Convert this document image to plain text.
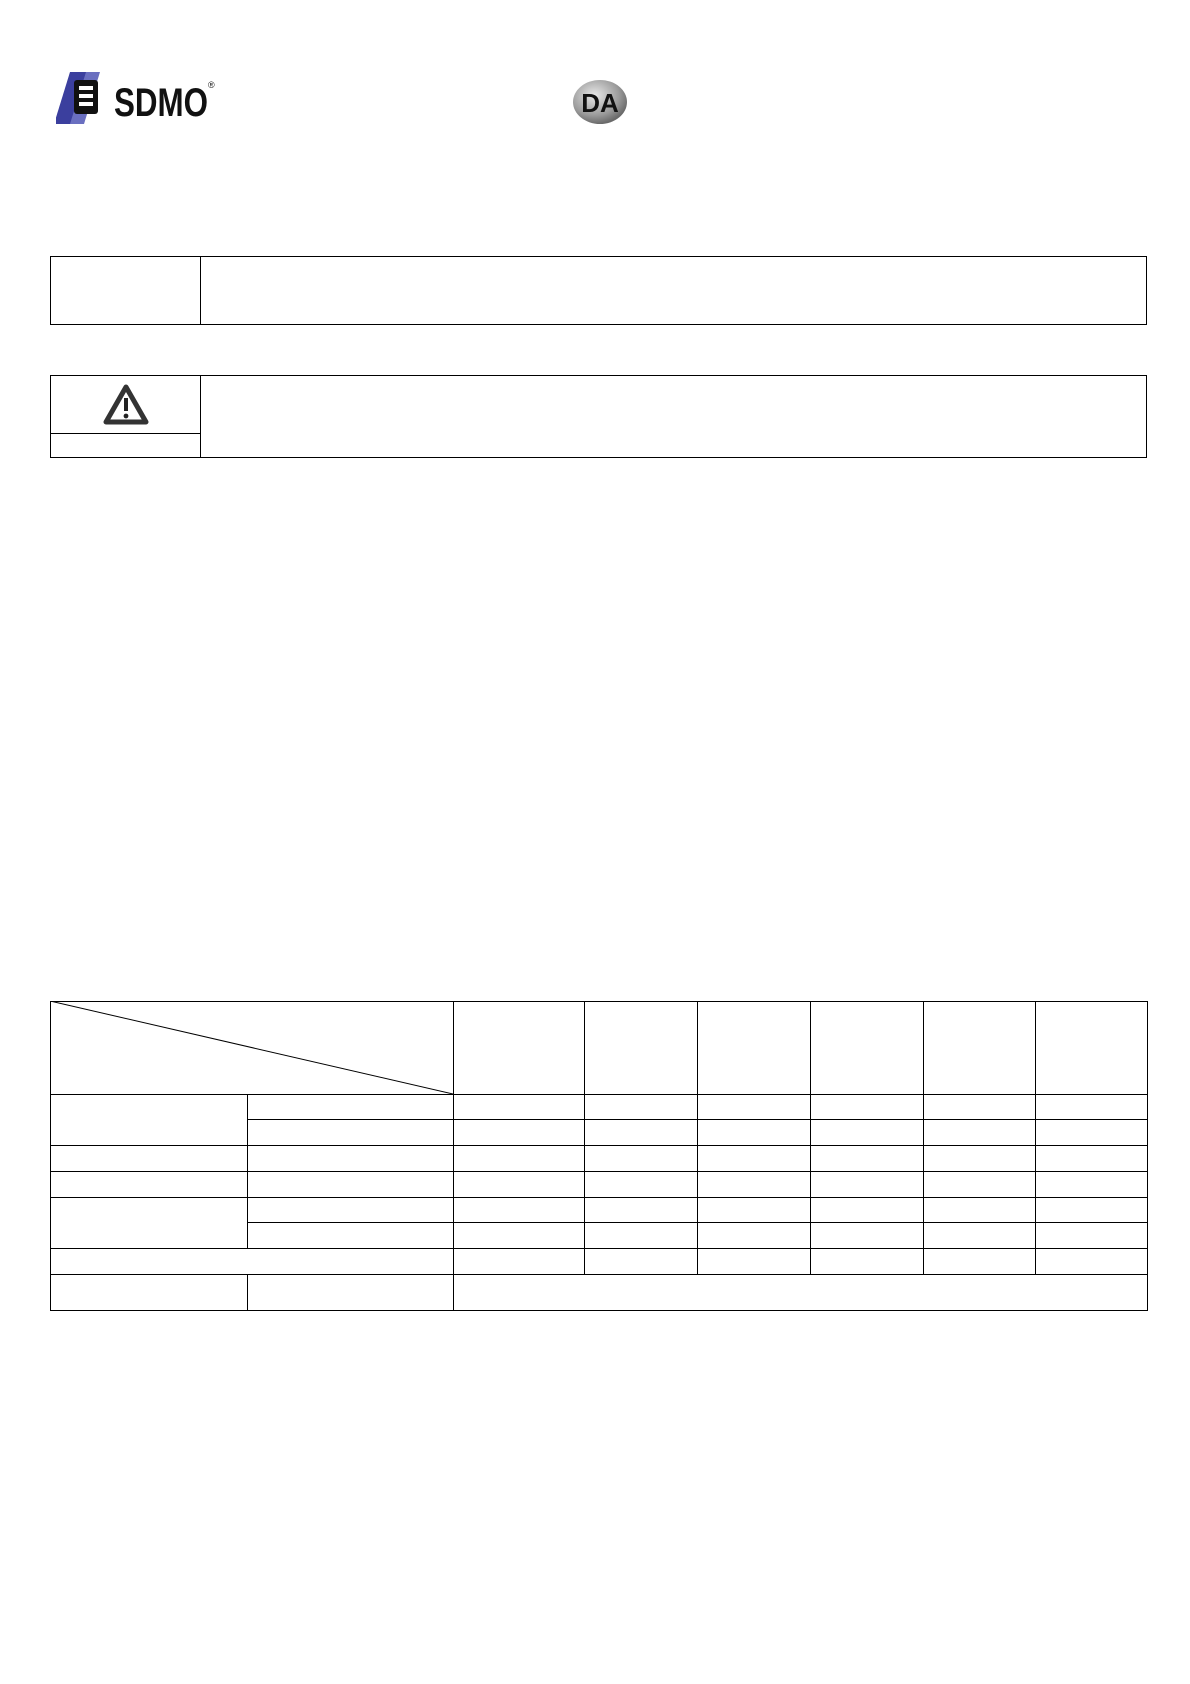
SDMO ®
DA
